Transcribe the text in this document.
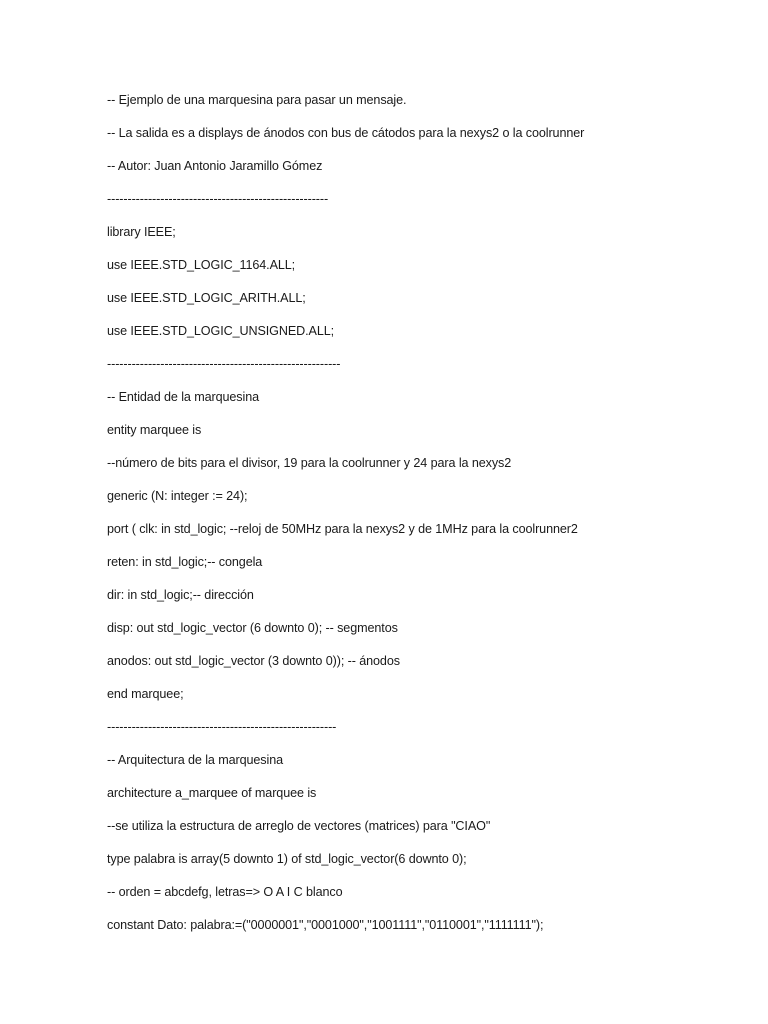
-- Ejemplo de una marquesina para pasar un mensaje.
-- La salida es a displays de ánodos con bus de cátodos para la nexys2 o la coolrunner
-- Autor: Juan Antonio Jaramillo Gómez
------------------------------------------------------
library IEEE;
use IEEE.STD_LOGIC_1164.ALL;
use IEEE.STD_LOGIC_ARITH.ALL;
use IEEE.STD_LOGIC_UNSIGNED.ALL;
---------------------------------------------------------
-- Entidad de la marquesina
entity marquee is
--número de bits para el divisor, 19 para la coolrunner y 24 para la nexys2
generic (N: integer := 24);
port ( clk: in std_logic; --reloj de 50MHz para la nexys2 y de 1MHz para la coolrunner2
reten: in std_logic;-- congela
dir: in std_logic;-- dirección
disp: out std_logic_vector (6 downto 0); -- segmentos
anodos: out std_logic_vector (3 downto 0)); -- ánodos
end marquee;
--------------------------------------------------------
-- Arquitectura de la marquesina
architecture a_marquee of marquee is
--se utiliza la estructura de arreglo de vectores (matrices) para "CIAO"
type palabra is array(5 downto 1) of std_logic_vector(6 downto 0);
-- orden = abcdefg, letras=> O A I C blanco
constant Dato: palabra:=("0000001","0001000","1001111","0110001","1111111");
